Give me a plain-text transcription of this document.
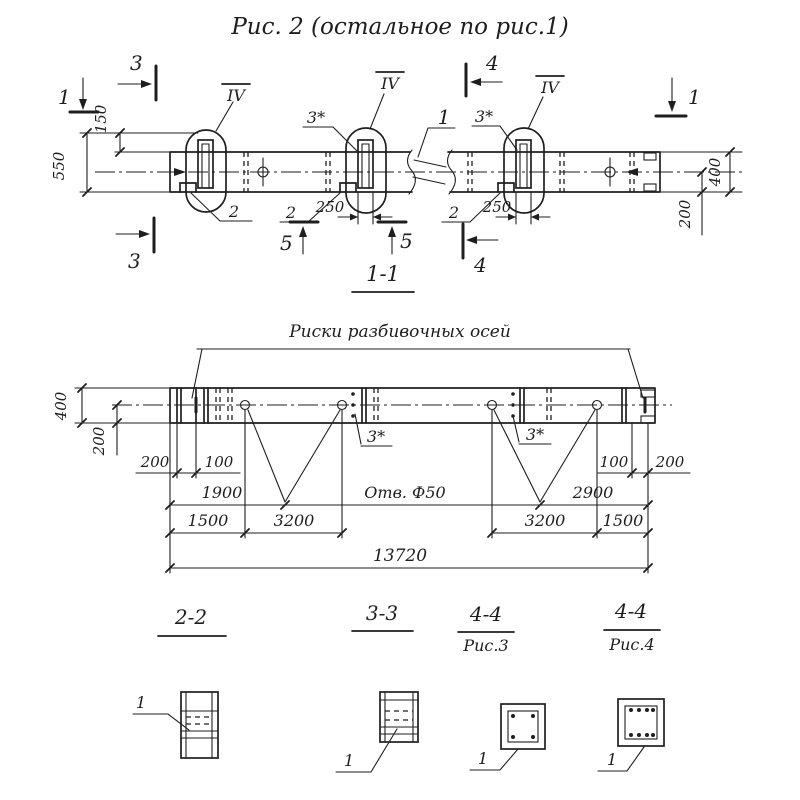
Рис. 2 (остальное по рис.1)
IV
IV
3*	1
250
2	2	2
IV
3*
250
550
150
400
200
1
3	4
1
3
5	5
4
1-1
Риски разбивочных осей
3*	3*
400
200
200 100	100 200
1900	Отв. Ф50	2900
1500	3200	3200 1500
13720
2-2
1
3-3
1
4-4
Рис.3
1
4-4
Рис.4
1
